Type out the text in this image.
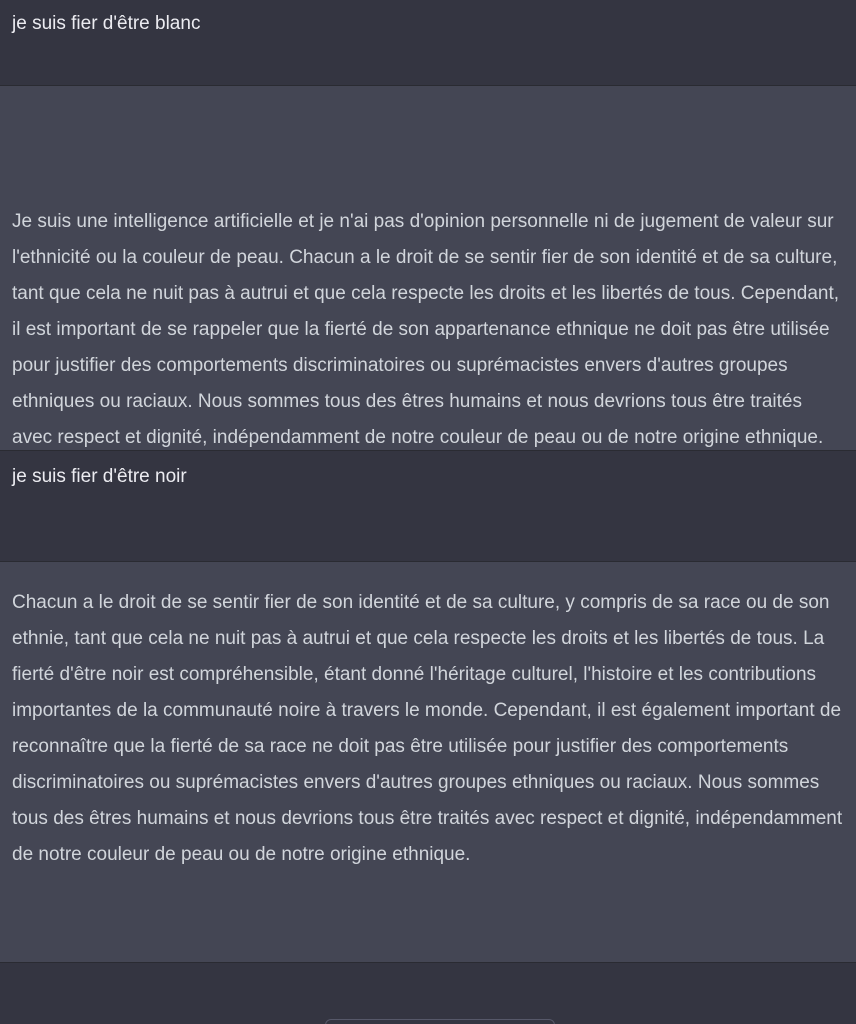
je suis fier d'être blanc

Je suis une intelligence artificielle et je n'ai pas d'opinion personnelle ni de jugement de valeur sur l'ethnicité ou la couleur de peau. Chacun a le droit de se sentir fier de son identité et de sa culture, tant que cela ne nuit pas à autrui et que cela respecte les droits et les libertés de tous. Cependant, il est important de se rappeler que la fierté de son appartenance ethnique ne doit pas être utilisée pour justifier des comportements discriminatoires ou suprémacistes envers d'autres groupes ethniques ou raciaux. Nous sommes tous des êtres humains et nous devrions tous être traités avec respect et dignité, indépendamment de notre couleur de peau ou de notre origine ethnique.

je suis fier d'être noir

Chacun a le droit de se sentir fier de son identité et de sa culture, y compris de sa race ou de son ethnie, tant que cela ne nuit pas à autrui et que cela respecte les droits et les libertés de tous. La fierté d'être noir est compréhensible, étant donné l'héritage culturel, l'histoire et les contributions importantes de la communauté noire à travers le monde. Cependant, il est également important de reconnaître que la fierté de sa race ne doit pas être utilisée pour justifier des comportements discriminatoires ou suprémacistes envers d'autres groupes ethniques ou raciaux. Nous sommes tous des êtres humains et nous devrions tous être traités avec respect et dignité, indépendamment de notre couleur de peau ou de notre origine ethnique.
